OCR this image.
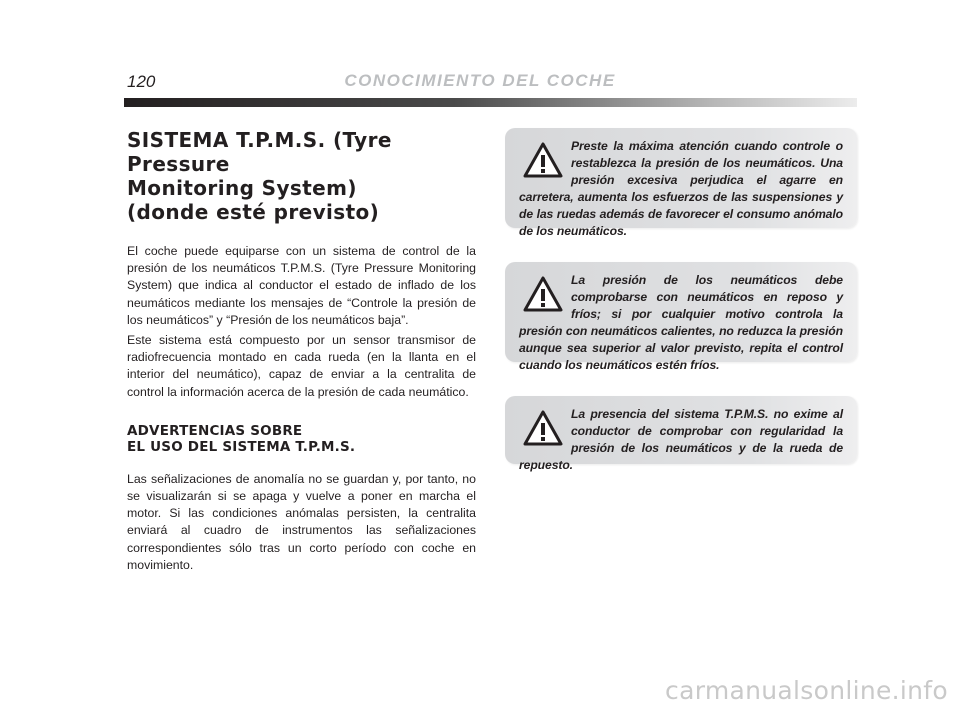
120	CONOCIMIENTO DEL COCHE
SISTEMA T.P.M.S. (Tyre Pressure
Monitoring System)
(donde esté previsto)

El coche puede equiparse con un sistema de control de la presión de los neumáticos T.P.M.S. (Tyre Pressure Monitoring System) que indica al conductor el estado de inflado de los neumáticos mediante los mensajes de “Controle la presión de los neumáticos” y “Presión de los neumáticos baja”.

Este sistema está compuesto por un sensor transmisor de radiofrecuencia montado en cada rueda (en la llanta en el interior del neumático), capaz de enviar a la centralita de control la información acerca de la presión de cada neumático.

ADVERTENCIAS SOBRE
EL USO DEL SISTEMA T.P.M.S.

Las señalizaciones de anomalía no se guardan y, por tanto, no se visualizarán si se apaga y vuelve a poner en marcha el motor. Si las condiciones anómalas persisten, la centralita enviará al cuadro de instrumentos las señalizaciones correspondientes sólo tras un corto período con coche en movimiento.

Preste la máxima atención cuando controle o restablezca la presión de los neumáticos. Una presión excesiva perjudica el agarre en carretera, aumenta los esfuerzos de las suspensiones y de las ruedas además de favorecer el consumo anómalo de los neumáticos.

La presión de los neumáticos debe comprobarse con neumáticos en reposo y fríos; si por cualquier motivo controla la presión con neumáticos calientes, no reduzca la presión aunque sea superior al valor previsto, repita el control cuando los neumáticos estén fríos.

La presencia del sistema T.P.M.S. no exime al conductor de comprobar con regularidad la presión de los neumáticos y de la rueda de repuesto.

carmanualsonline.info
